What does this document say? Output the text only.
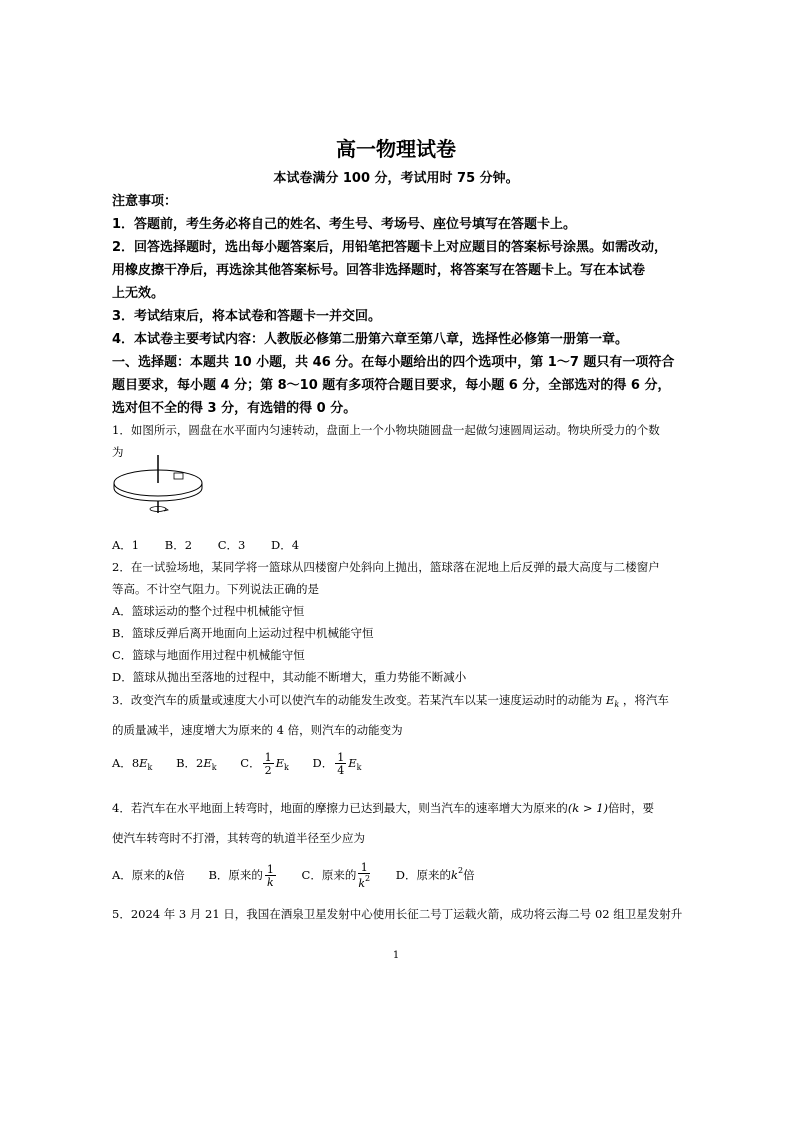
高一物理试卷
本试卷满分 100 分，考试用时 75 分钟。
注意事项：
1．答题前，考生务必将自己的姓名、考生号、考场号、座位号填写在答题卡上。
2．回答选择题时，选出每小题答案后，用铅笔把答题卡上对应题目的答案标号涂黑。如需改动，
用橡皮擦干净后，再选涂其他答案标号。回答非选择题时，将答案写在答题卡上。写在本试卷
上无效。
3．考试结束后，将本试卷和答题卡一并交回。
4．本试卷主要考试内容：人教版必修第二册第六章至第八章，选择性必修第一册第一章。
一、选择题：本题共 10 小题，共 46 分。在每小题给出的四个选项中，第 1～7 题只有一项符合
题目要求，每小题 4 分；第 8～10 题有多项符合题目要求，每小题 6 分，全部选对的得 6 分，
选对但不全的得 3 分，有选错的得 0 分。
1．如图所示，圆盘在水平面内匀速转动，盘面上一个小物块随圆盘一起做匀速圆周运动。物块所受力的个数
为
A．1 B．2 C．3 D．4
2．在一试验场地，某同学将一篮球从四楼窗户处斜向上抛出，篮球落在泥地上后反弹的最大高度与二楼窗户
等高。不计空气阻力。下列说法正确的是
A．篮球运动的整个过程中机械能守恒
B．篮球反弹后离开地面向上运动过程中机械能守恒
C．篮球与地面作用过程中机械能守恒
D．篮球从抛出至落地的过程中，其动能不断增大，重力势能不断减小
3．改变汽车的质量或速度大小可以使汽车的动能发生改变。若某汽车以某一速度运动时的动能为 $E_k$ ，将汽车
的质量减半，速度增大为原来的 4 倍，则汽车的动能变为
A．$8E_k$ B．$2E_k$ C． $\frac{1}{2} E_k$ D． $\frac{1}{4} E_k$
4．若汽车在水平地面上转弯时，地面的摩擦力已达到最大，则当汽车的速率增大为原来的(k > 1)倍时，要
使汽车转弯时不打滑，其转弯的轨道半径至少应为
A．原来的k倍 B．原来的 $\frac{1}{k}$ C．原来的 $\frac{1}{k^2}$ D．原来的$k^2$倍
5．2024 年 3 月 21 日，我国在酒泉卫星发射中心使用长征二号丁运载火箭，成功将云海二号 02 组卫星发射升
1
